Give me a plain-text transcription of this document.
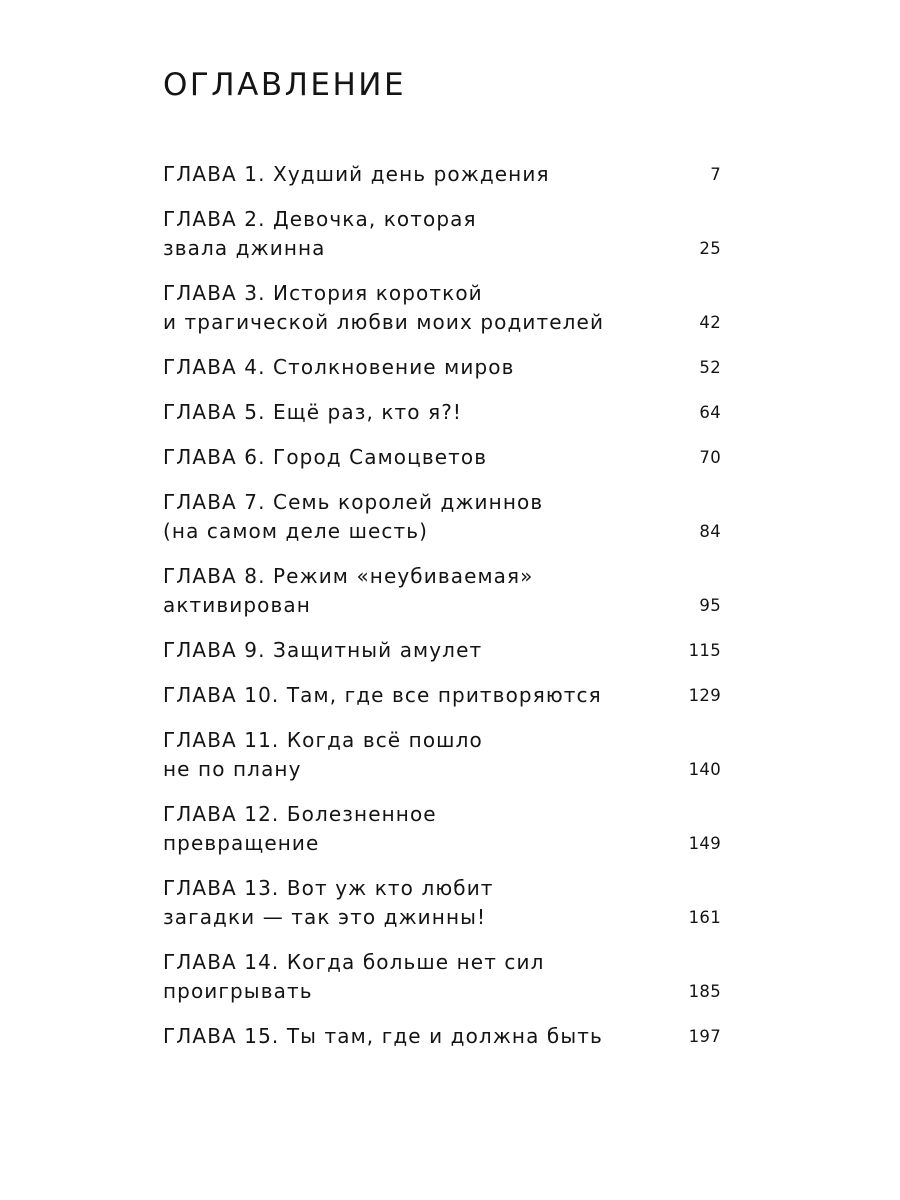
ОГЛАВЛЕНИЕ
ГЛАВА 1. Худший день рождения	7
ГЛАВА 2. Девочка, которая
звала джинна	25
ГЛАВА 3. История короткой
и трагической любви моих родителей	42
ГЛАВА 4. Столкновение миров	52
ГЛАВА 5. Ещё раз, кто я?!	64
ГЛАВА 6. Город Самоцветов	70
ГЛАВА 7. Семь королей джиннов
(на самом деле шесть)	84
ГЛАВА 8. Режим «неубиваемая»
активирован	95
ГЛАВА 9. Защитный амулет	115
ГЛАВА 10. Там, где все притворяются	129
ГЛАВА 11. Когда всё пошло
не по плану	140
ГЛАВА 12. Болезненное
превращение	149
ГЛАВА 13. Вот уж кто любит
загадки — так это джинны!	161
ГЛАВА 14. Когда больше нет сил
проигрывать	185
ГЛАВА 15. Ты там, где и должна быть	197
